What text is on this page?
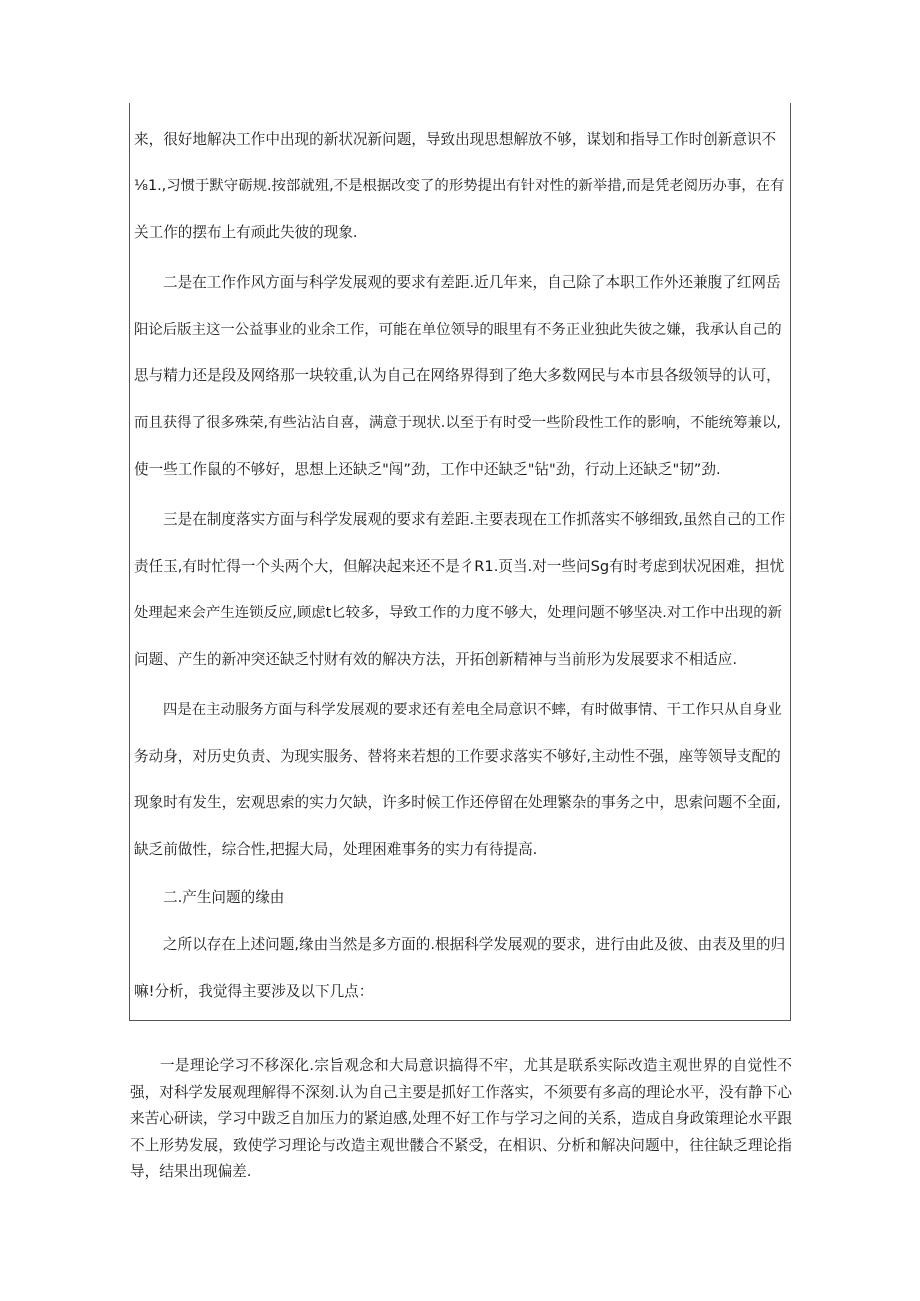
来，很好地解决工作中出现的新状况新问题，导致出现思想解放不够，谋划和指导工作时创新意识不
⅛1.,习惯于默守砺规.按部就殂,不是根据改变了的形势提出有针对性的新举措,而是凭老阅历办事，在有
关工作的摆布上有顽此失彼的现象.
二是在工作作风方面与科学发展观的要求有差距.近几年来，自己除了本职工作外还兼腹了红网岳
阳论后版主这一公益事业的业余工作，可能在单位领导的眼里有不务正业独此失彼之嫌，我承认自己的
思与精力还是段及网络那一块较重,认为自己在网络界得到了绝大多数网民与本市县各级领导的认可，
而且获得了很多殊荣,有些沾沾自喜，满意于现状.以至于有时受一些阶段性工作的影响，不能统筹兼以,
使一些工作鼠的不够好，思想上还缺乏"闯”劲，工作中还缺乏"钻"劲，行动上还缺乏"韧”劲.
三是在制度落实方面与科学发展观的要求有差距.主要表现在工作抓落实不够细致,虽然自己的工作
责任玉,有时忙得一个头两个大，但解决起来还不是彳R1.页当.对一些问Sg有时考虑到状况困难，担忧
处理起来会产生连锁反应,顾虑t匕较多，导致工作的力度不够大，处理问题不够坚决.对工作中出现的新
问题、产生的新冲突还缺乏忖财有效的解决方法，开拓创新精神与当前形为发展要求不相适应.
四是在主动服务方面与科学发展观的要求还有差电全局意识不蟀，有时做事情、干工作只从自身业
务动身，对历史负责、为现实服务、替将来若想的工作要求落实不够好,主动性不强，座等领导支配的
现象时有发生，宏观思索的实力欠缺，许多时候工作还停留在处理繁杂的事务之中，思索问题不全面,
缺乏前做性，综合性,把握大局，处理困难事务的实力有待提高.
二.产生问题的缘由
之所以存在上述问题,缘由当然是多方面的.根据科学发展观的要求，进行由此及彼、由表及里的归
嘛!分析，我觉得主要涉及以下几点：

一是理论学习不移深化.宗旨观念和大局意识搞得不牢，尤其是联系实际改造主观世界的自觉性不强，对科学发展观理解得不深刻.认为自己主要是抓好工作落实，不须要有多高的理论水平，没有静下心来苦心研读，学习中跋乏自加压力的紧迫感,处理不好工作与学习之间的关系，造成自身政策理论水平跟不上形势发展，致使学习理论与改造主观世髅合不紧受，在相识、分析和解决问题中，往往缺乏理论指导，结果出现偏差.
